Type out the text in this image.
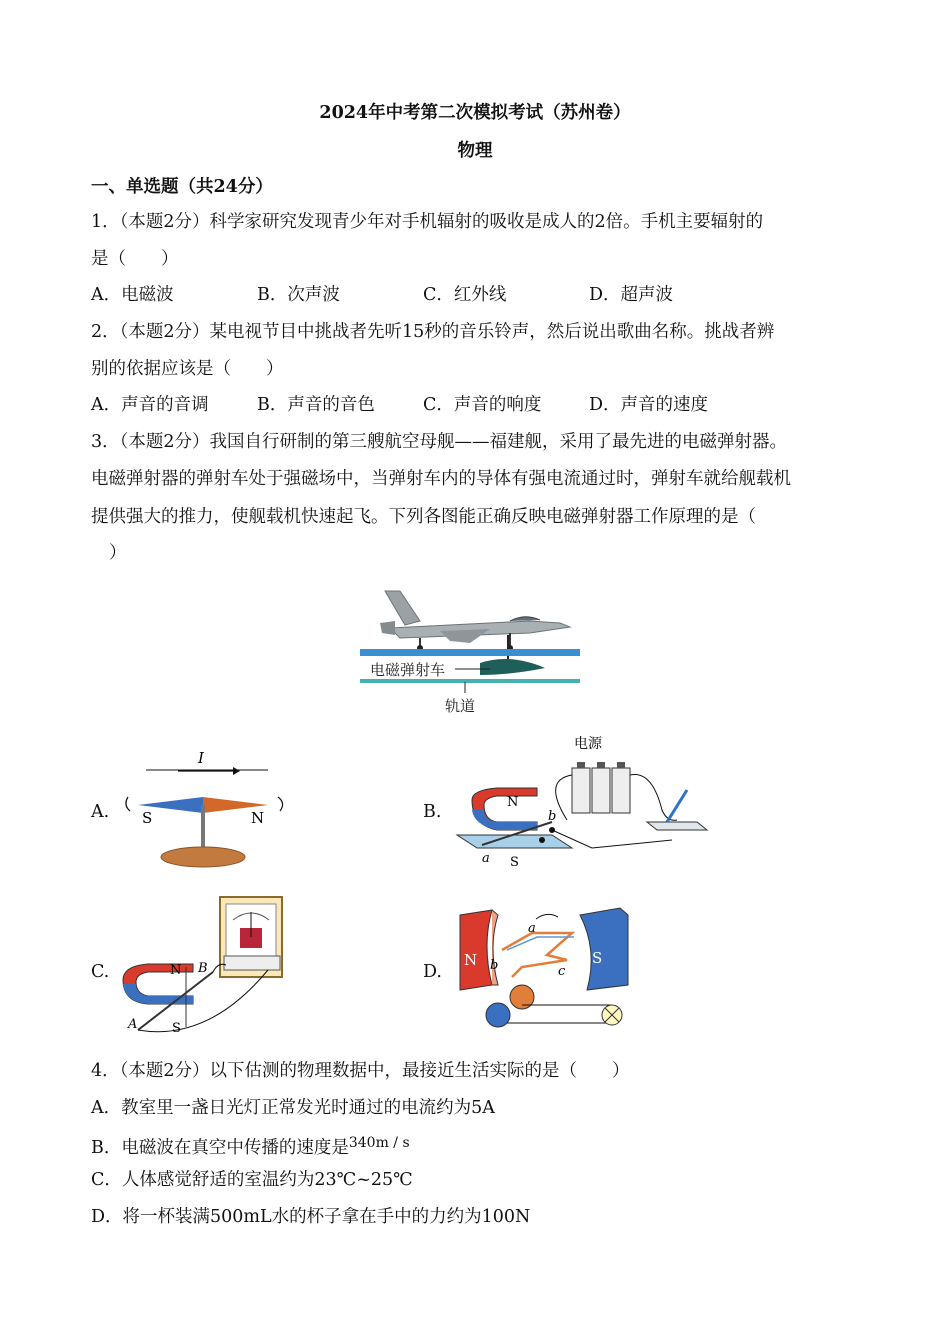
2024年中考第二次模拟考试（苏州卷）
物理
一、单选题（共24分）
1．（本题2分）科学家研究发现青少年对手机辐射的吸收是成人的2倍。手机主要辐射的
是（　　）
A．电磁波	B．次声波	C．红外线	D．超声波
2．（本题2分）某电视节目中挑战者先听15秒的音乐铃声，然后说出歌曲名称。挑战者辨
别的依据应该是（　　）
A．声音的音调	B．声音的音色	C．声音的响度	D．声音的速度
3．（本题2分）我国自行研制的第三艘航空母舰——福建舰，采用了最先进的电磁弹射器。
电磁弹射器的弹射车处于强磁场中，当弹射车内的导体有强电流通过时，弹射车就给舰载机
提供强大的推力，使舰载机快速起飞。下列各图能正确反映电磁弹射器工作原理的是（
）
电磁弹射车
轨道
A.	B.
C.	D.
I
S	N
电源
N
S
a
b
N
S
A
B	N	S
a
b	c
4．（本题2分）以下估测的物理数据中，最接近生活实际的是（　　）
A．教室里一盏日光灯正常发光时通过的电流约为5A
B．电磁波在真空中传播的速度是$^{340m / s}$
C．人体感觉舒适的室温约为23℃~25℃
D．将一杯装满500mL水的杯子拿在手中的力约为100N
